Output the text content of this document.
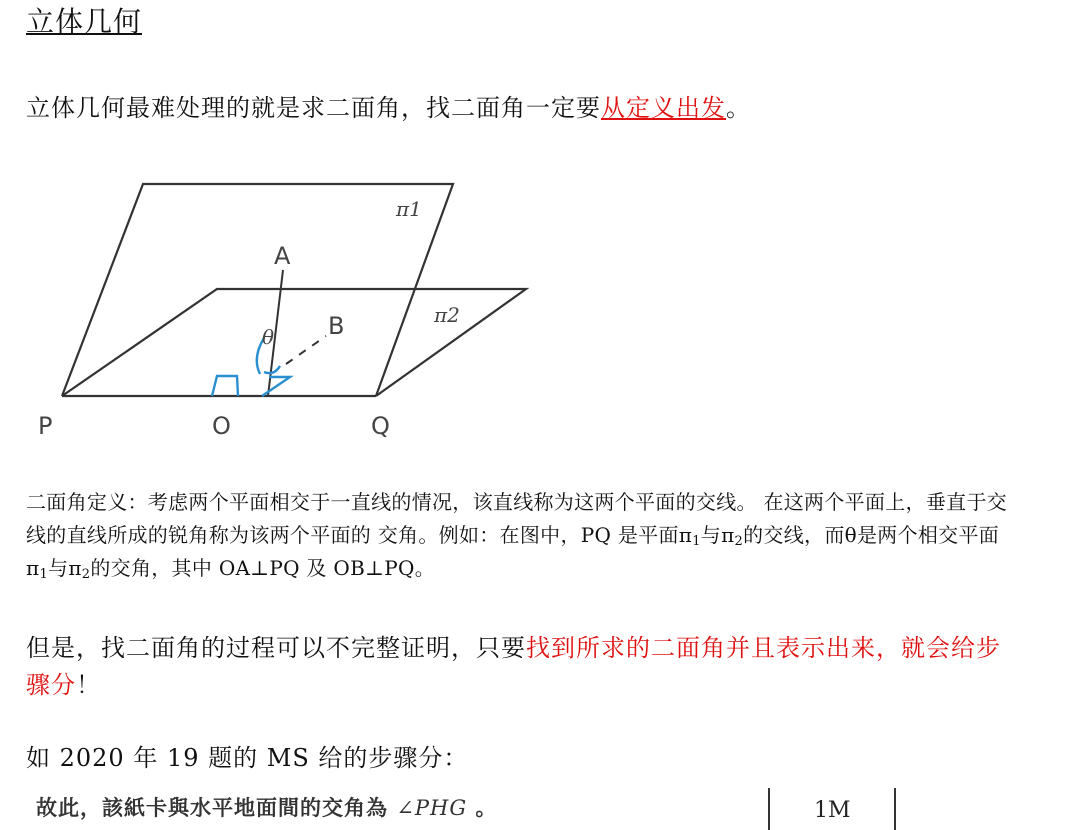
立体几何
立体几何最难处理的就是求二面角，找二面角一定要从定义出发。
π1
π2
A
B
θ
P	O	Q
二面角定义：考虑两个平面相交于一直线的情况，该直线称为这两个平面的交线。 在这两个平面上，垂直于交线的直线所成的锐角称为该两个平面的 交角。例如：在图中，PQ 是平面$\pi_1$与$\pi_2$的交线，而θ是两个相交平面$\pi_1$与$\pi_2$的交角，其中 OA⊥PQ 及 OB⊥PQ。
但是，找二面角的过程可以不完整证明，只要找到所求的二面角并且表示出来，就会给步骤分！
如 2020 年 19 题的 MS 给的步骤分：
故此，該紙卡與水平地面間的交角為 ∠PHG 。	1M
